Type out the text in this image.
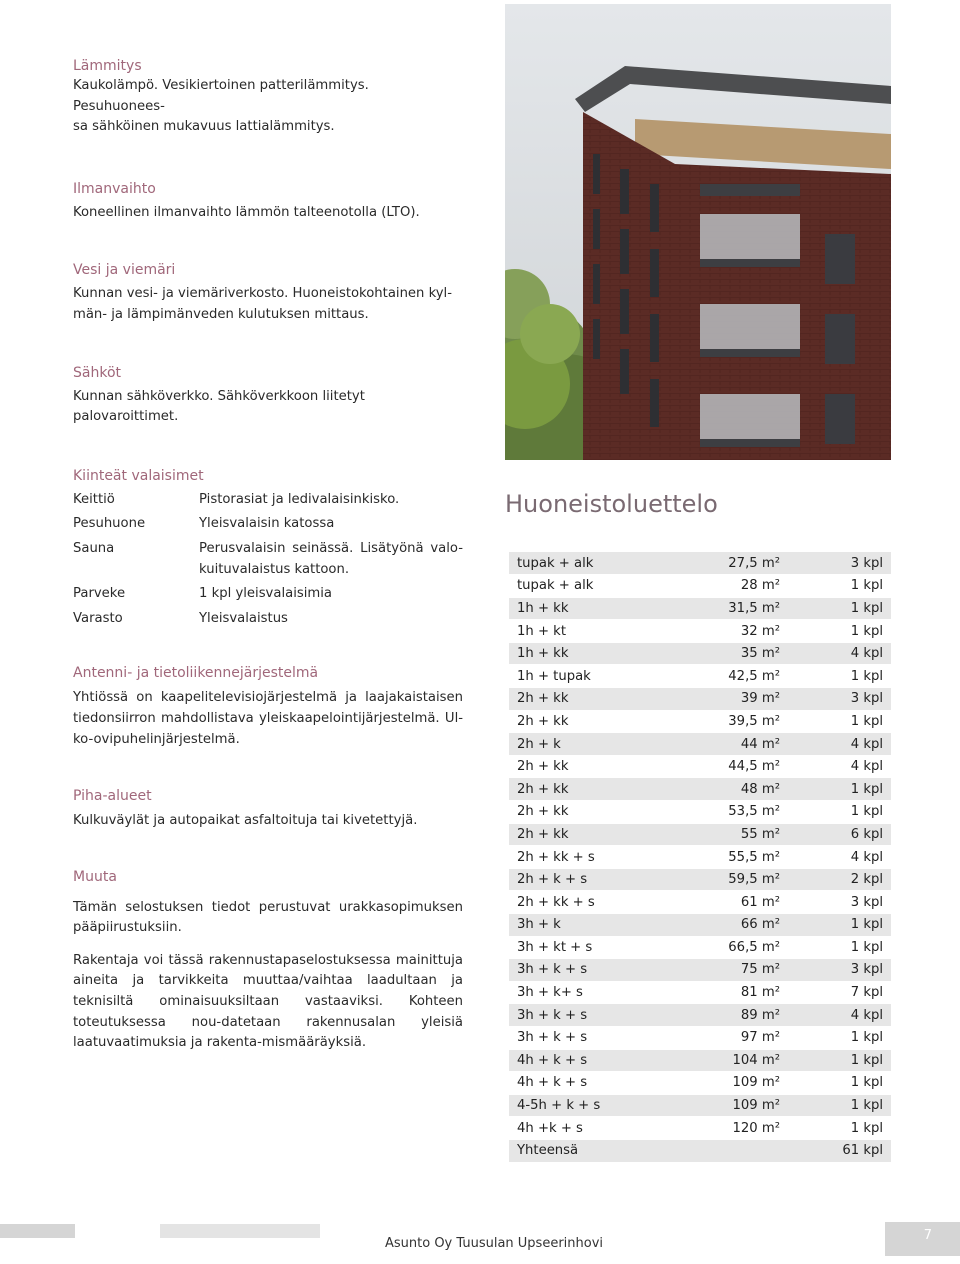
Lämmitys
Kaukolämpö. Vesikiertoinen patterilämmitys. Pesuhuonees-
sa sähköinen mukavuus lattialämmitys.
Ilmanvaihto
Koneellinen ilmanvaihto lämmön talteenotolla (LTO).
Vesi ja viemäri
Kunnan vesi- ja viemäriverkosto. Huoneistokohtainen kyl-
män- ja lämpimänveden kulutuksen mittaus.
Sähköt
Kunnan sähköverkko. Sähköverkkoon liitetyt palovaroittimet.
Kiinteät valaisimet
Keittiö	Pistorasiat ja ledivalaisinkisko.
Pesuhuone	Yleisvalaisin katossa
Sauna	Perusvalaisin seinässä. Lisätyönä valo-kuituvalaistus kattoon.
Parveke	1 kpl yleisvalaisimia
Varasto	Yleisvalaistus
Antenni- ja tietoliikennejärjestelmä
Yhtiössä on kaapelitelevisiojärjestelmä ja laajakaistaisen tiedonsiirron mahdollistava yleiskaapelointijärjestelmä. Ul-ko-ovipuhelinjärjestelmä.
Piha-alueet
Kulkuväylät ja autopaikat asfaltoituja tai kivetettyjä.
Muuta
Tämän selostuksen tiedot perustuvat urakkasopimuksen pääpiirustuksiin.
Rakentaja voi tässä rakennustapaselostuksessa mainittuja aineita ja tarvikkeita muuttaa/vaihtaa laadultaan ja teknisiltä ominaisuuksiltaan vastaaviksi. Kohteen toteutuksessa nou-datetaan rakennusalan yleisiä laatuvaatimuksia ja rakenta-mismääräyksiä.
Huoneistoluettelo
tupak + alk	27,5 m²	3 kpl
tupak + alk	28 m²	1 kpl
1h + kk	31,5 m²	1 kpl
1h + kt	32 m²	1 kpl
1h + kk	35 m²	4 kpl
1h + tupak	42,5 m²	1 kpl
2h + kk	39 m²	3 kpl
2h + kk	39,5 m²	1 kpl
2h + k	44 m²	4 kpl
2h + kk	44,5 m²	4 kpl
2h + kk	48 m²	1 kpl
2h + kk	53,5 m²	1 kpl
2h + kk	55 m²	6 kpl
2h + kk + s	55,5 m²	4 kpl
2h + k + s	59,5 m²	2 kpl
2h + kk + s	61 m²	3 kpl
3h + k	66 m²	1 kpl
3h + kt + s	66,5 m²	1 kpl
3h + k + s	75 m²	3 kpl
3h + k+ s	81 m²	7 kpl
3h + k + s	89 m²	4 kpl
3h + k + s	97 m²	1 kpl
4h + k + s	104 m²	1 kpl
4h + k + s	109 m²	1 kpl
4-5h + k + s	109 m²	1 kpl
4h +k + s	120 m²	1 kpl
Yhteensä		61 kpl
Asunto Oy Tuusulan Upseerinhovi
7
